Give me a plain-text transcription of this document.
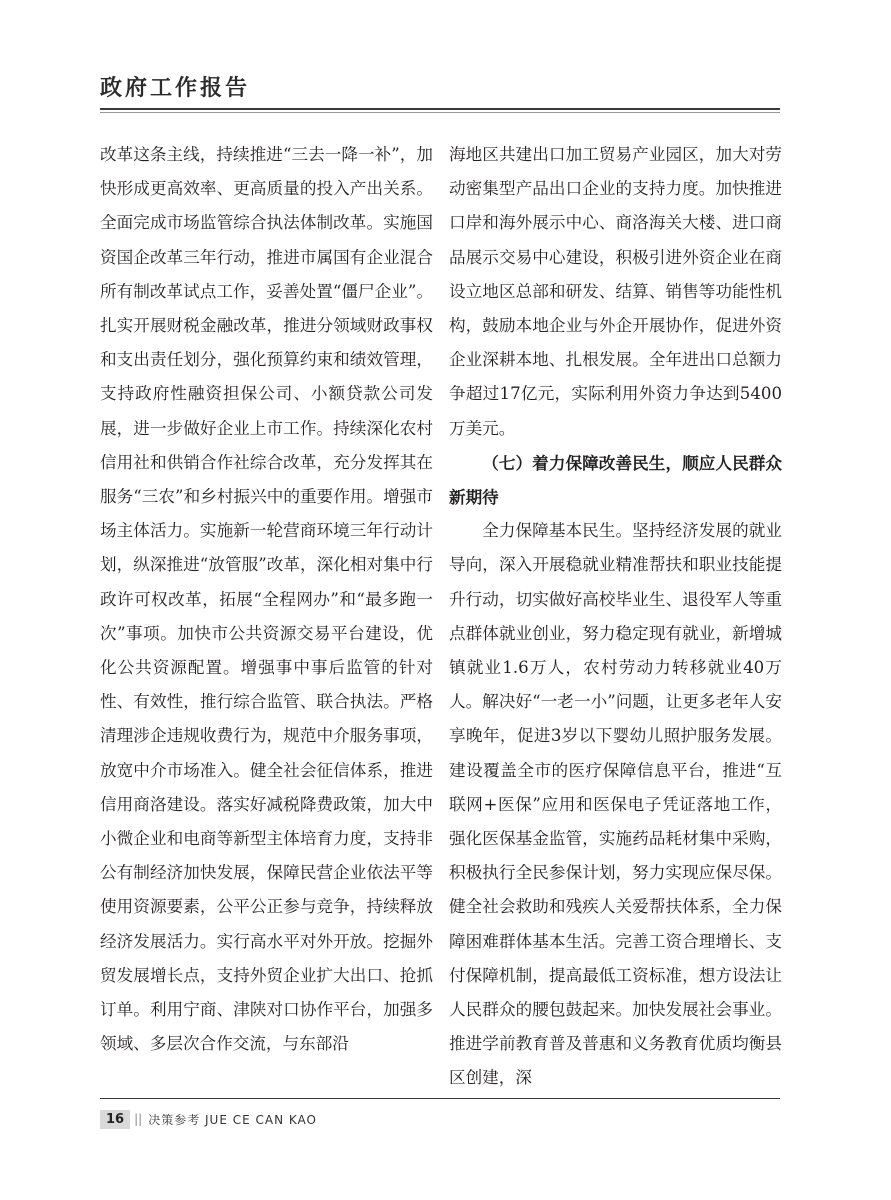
政府工作报告

改革这条主线，持续推进“三去一降一补”，加快形成更高效率、更高质量的投入产出关系。全面完成市场监管综合执法体制改革。实施国资国企改革三年行动，推进市属国有企业混合所有制改革试点工作，妥善处置“僵尸企业”。扎实开展财税金融改革，推进分领域财政事权和支出责任划分，强化预算约束和绩效管理，支持政府性融资担保公司、小额贷款公司发展，进一步做好企业上市工作。持续深化农村信用社和供销合作社综合改革，充分发挥其在服务“三农”和乡村振兴中的重要作用。增强市场主体活力。实施新一轮营商环境三年行动计划，纵深推进“放管服”改革，深化相对集中行政许可权改革，拓展“全程网办”和“最多跑一次”事项。加快市公共资源交易平台建设，优化公共资源配置。增强事中事后监管的针对性、有效性，推行综合监管、联合执法。严格清理涉企违规收费行为，规范中介服务事项，放宽中介市场准入。健全社会征信体系，推进信用商洛建设。落实好减税降费政策，加大中小微企业和电商等新型主体培育力度，支持非公有制经济加快发展，保障民营企业依法平等使用资源要素，公平公正参与竞争，持续释放经济发展活力。实行高水平对外开放。挖掘外贸发展增长点，支持外贸企业扩大出口、抢抓订单。利用宁商、津陕对口协作平台，加强多领域、多层次合作交流，与东部沿

海地区共建出口加工贸易产业园区，加大对劳动密集型产品出口企业的支持力度。加快推进口岸和海外展示中心、商洛海关大楼、进口商品展示交易中心建设，积极引进外资企业在商设立地区总部和研发、结算、销售等功能性机构，鼓励本地企业与外企开展协作，促进外资企业深耕本地、扎根发展。全年进出口总额力争超过17亿元，实际利用外资力争达到5400万美元。

（七）着力保障改善民生，顺应人民群众新期待

全力保障基本民生。坚持经济发展的就业导向，深入开展稳就业精准帮扶和职业技能提升行动，切实做好高校毕业生、退役军人等重点群体就业创业，努力稳定现有就业，新增城镇就业1.6万人，农村劳动力转移就业40万人。解决好“一老一小”问题，让更多老年人安享晚年，促进3岁以下婴幼儿照护服务发展。建设覆盖全市的医疗保障信息平台，推进“互联网+医保”应用和医保电子凭证落地工作，强化医保基金监管，实施药品耗材集中采购，积极执行全民参保计划，努力实现应保尽保。健全社会救助和残疾人关爱帮扶体系，全力保障困难群体基本生活。完善工资合理增长、支付保障机制，提高最低工资标准，想方设法让人民群众的腰包鼓起来。加快发展社会事业。推进学前教育普及普惠和义务教育优质均衡县区创建，深

16 || 决策参考 JUE CE CAN KAO
